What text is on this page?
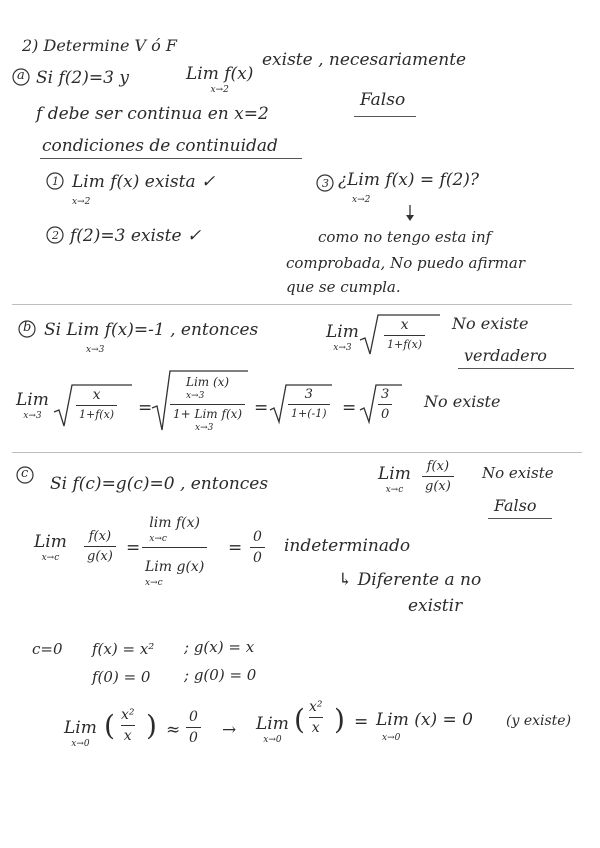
2) Determine V ó F
a Si f(2)=3 y	Lim f(x)
x→2
existe , necesariamente
f debe ser continua en x=2
Falso
condiciones de continuidad
1 Lim f(x) exista ✓
x→2
3 ¿Lim f(x) = f(2)?
x→2
2 f(2)=3 existe ✓	como no tengo esta inf
comprobada, No puedo afirmar
que se cumpla.
b Si Lim f(x)=-1 , entonces
x→3
Lim
x→3
x
1+f(x)
No existe
verdadero
Lim
x→3
x
1+f(x) =
Lim (x)
x→3
1+ Lim f(x)
x→3
=
3
$1+(-1) = \frac{3}{0}$ No existe
c
Si f(c)=g(c)=0 , entonces	Lim
x→c	$\frac{f(x)}{g(x)}$ No existe
Falso
Lim
x→c	$\frac{f(x)}{g(x)}$ =
lim f(x)
x→c
Lim g(x)
x→c
= $\frac{0}{0}$ indeterminado
↳ Diferente a no
existir
c=0 f(x) = x² ; g(x) = x
f(0) = 0 ; g(0) = 0
Lim
x→0
( $\frac{\text{x²}}{x}$ ) ≈ $\frac{0}{0}$ → Lim
x→0
( $\frac{\text{x²}}{x}$ ) = Lim (x) = 0
x→0
(y existe)
